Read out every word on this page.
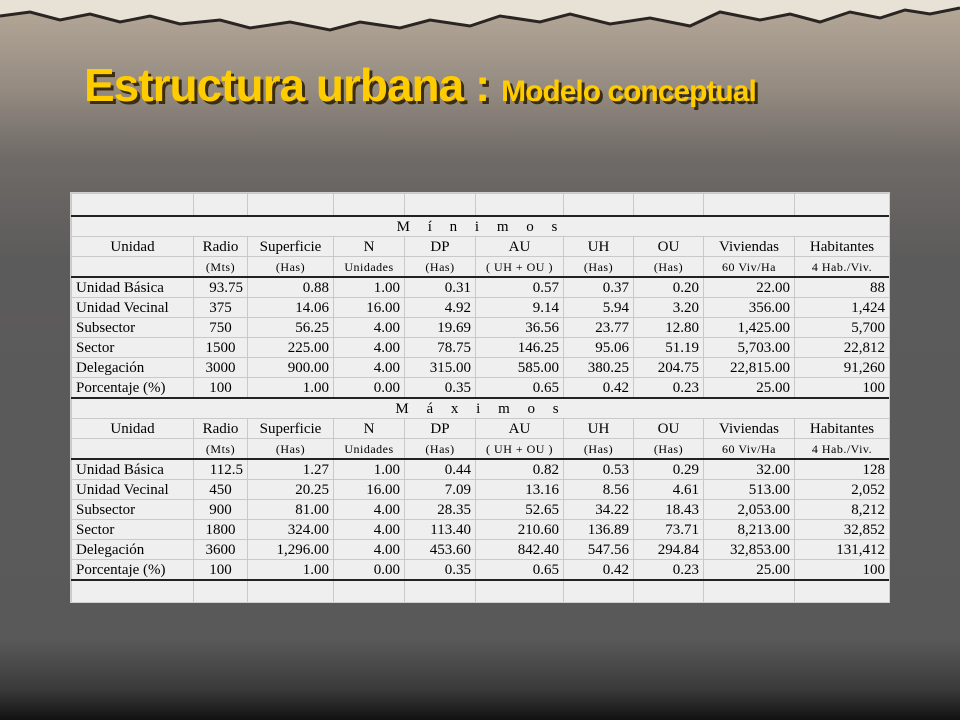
Estructura urbana : Modelo conceptual

M í n i m o s									
Unidad	Radio	Superficie	N	DP	AU	UH	OU	Viviendas	Habitantes
	(Mts)	(Has)	Unidades	(Has)	( UH + OU )	(Has)	(Has)	60 Viv/Ha	4 Hab./Viv.
Unidad Básica	93.75	0.88	1.00	0.31	0.57	0.37	0.20	22.00	88
Unidad Vecinal	375	14.06	16.00	4.92	9.14	5.94	3.20	356.00	1,424
Subsector	750	56.25	4.00	19.69	36.56	23.77	12.80	1,425.00	5,700
Sector	1500	225.00	4.00	78.75	146.25	95.06	51.19	5,703.00	22,812
Delegación	3000	900.00	4.00	315.00	585.00	380.25	204.75	22,815.00	91,260
Porcentaje (%)	100	1.00	0.00	0.35	0.65	0.42	0.23	25.00	100
M á x i m o s									
Unidad	Radio	Superficie	N	DP	AU	UH	OU	Viviendas	Habitantes
	(Mts)	(Has)	Unidades	(Has)	( UH + OU )	(Has)	(Has)	60 Viv/Ha	4 Hab./Viv.
Unidad Básica	112.5	1.27	1.00	0.44	0.82	0.53	0.29	32.00	128
Unidad Vecinal	450	20.25	16.00	7.09	13.16	8.56	4.61	513.00	2,052
Subsector	900	81.00	4.00	28.35	52.65	34.22	18.43	2,053.00	8,212
Sector	1800	324.00	4.00	113.40	210.60	136.89	73.71	8,213.00	32,852
Delegación	3600	1,296.00	4.00	453.60	842.40	547.56	294.84	32,853.00	131,412
Porcentaje (%)	100	1.00	0.00	0.35	0.65	0.42	0.23	25.00	100
